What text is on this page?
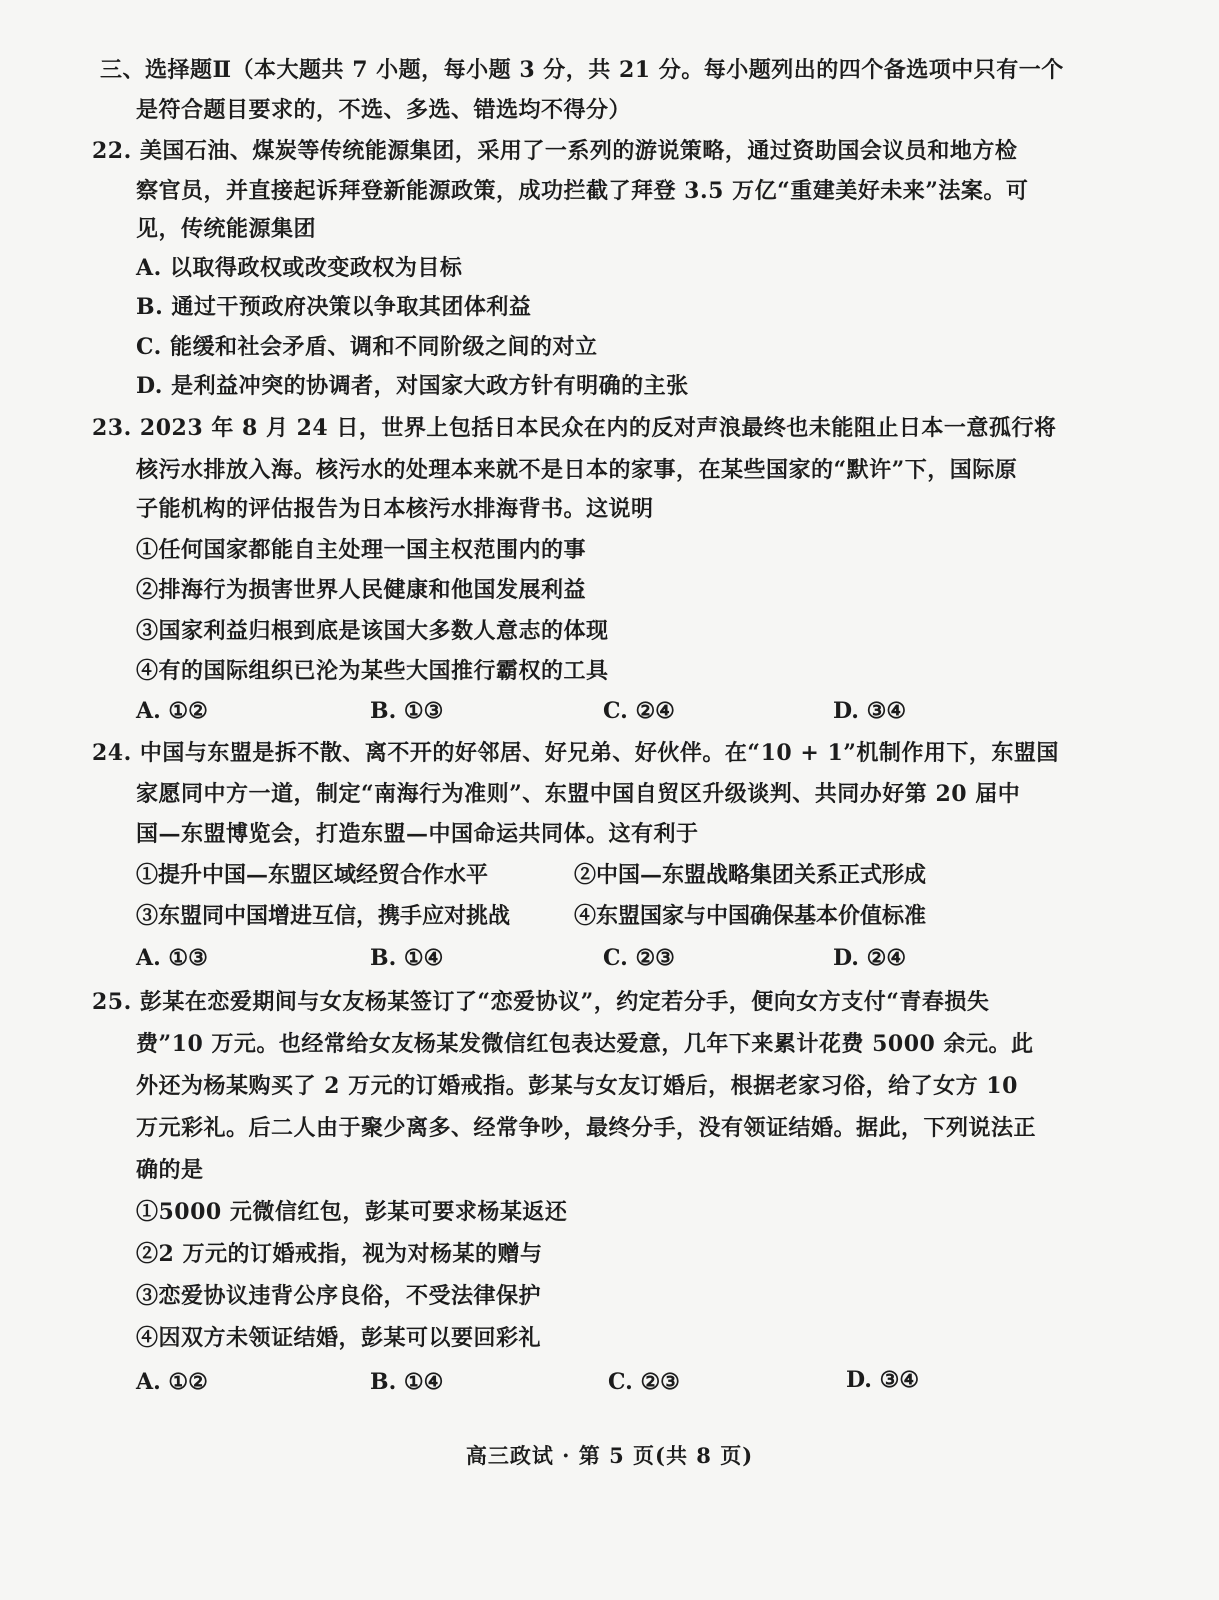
三、选择题Ⅱ（本大题共 7 小题，每小题 3 分，共 21 分。每小题列出的四个备选项中只有一个
是符合题目要求的，不选、多选、错选均不得分）
22. 美国石油、煤炭等传统能源集团，采用了一系列的游说策略，通过资助国会议员和地方检
察官员，并直接起诉拜登新能源政策，成功拦截了拜登 3.5 万亿“重建美好未来”法案。可
见，传统能源集团
A. 以取得政权或改变政权为目标
B. 通过干预政府决策以争取其团体利益
C. 能缓和社会矛盾、调和不同阶级之间的对立
D. 是利益冲突的协调者，对国家大政方针有明确的主张
23. 2023 年 8 月 24 日，世界上包括日本民众在内的反对声浪最终也未能阻止日本一意孤行将
核污水排放入海。核污水的处理本来就不是日本的家事，在某些国家的“默许”下，国际原
子能机构的评估报告为日本核污水排海背书。这说明
①任何国家都能自主处理一国主权范围内的事
②排海行为损害世界人民健康和他国发展利益
③国家利益归根到底是该国大多数人意志的体现
④有的国际组织已沦为某些大国推行霸权的工具
A. ①②	B. ①③	C. ②④	D. ③④
24. 中国与东盟是拆不散、离不开的好邻居、好兄弟、好伙伴。在“10 + 1”机制作用下，东盟国
家愿同中方一道，制定“南海行为准则”、东盟中国自贸区升级谈判、共同办好第 20 届中
国—东盟博览会，打造东盟—中国命运共同体。这有利于
①提升中国—东盟区域经贸合作水平	②中国—东盟战略集团关系正式形成
③东盟同中国增进互信，携手应对挑战	④东盟国家与中国确保基本价值标准
A. ①③	B. ①④	C. ②③	D. ②④
25. 彭某在恋爱期间与女友杨某签订了“恋爱协议”，约定若分手，便向女方支付“青春损失
费”10 万元。也经常给女友杨某发微信红包表达爱意，几年下来累计花费 5000 余元。此
外还为杨某购买了 2 万元的订婚戒指。彭某与女友订婚后，根据老家习俗，给了女方 10
万元彩礼。后二人由于聚少离多、经常争吵，最终分手，没有领证结婚。据此，下列说法正
确的是
①5000 元微信红包，彭某可要求杨某返还
②2 万元的订婚戒指，视为对杨某的赠与
③恋爱协议违背公序良俗，不受法律保护
④因双方未领证结婚，彭某可以要回彩礼
A. ①②	B. ①④	C. ②③	D. ③④
高三政试 · 第 5 页(共 8 页)
